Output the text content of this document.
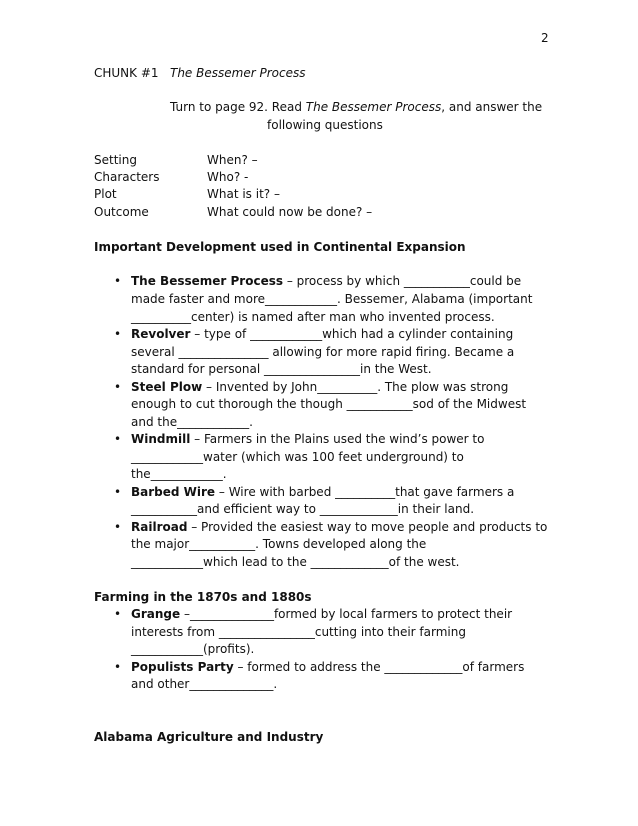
2
CHUNK #1 The Bessemer Process
Turn to page 92. Read The Bessemer Process, and answer the
following questions
Setting	When? –
Characters	Who? -
Plot	What is it? –
Outcome	What could now be done? –
Important Development used in Continental Expansion
• The Bessemer Process – process by which ___________could be
made faster and more____________. Bessemer, Alabama (important
__________center) is named after man who invented process.
• Revolver – type of ____________which had a cylinder containing
several _______________ allowing for more rapid firing. Became a
standard for personal ________________in the West.
• Steel Plow – Invented by John__________. The plow was strong
enough to cut thorough the though ___________sod of the Midwest
and the____________.
• Windmill – Farmers in the Plains used the wind’s power to
____________water (which was 100 feet underground) to
the____________.
• Barbed Wire – Wire with barbed __________that gave farmers a
___________and efficient way to _____________in their land.
• Railroad – Provided the easiest way to move people and products to
the major___________. Towns developed along the
____________which lead to the _____________of the west.
Farming in the 1870s and 1880s
• Grange –______________formed by local farmers to protect their
interests from ________________cutting into their farming
____________(profits).
• Populists Party – formed to address the _____________of farmers
and other______________.
Alabama Agriculture and Industry
